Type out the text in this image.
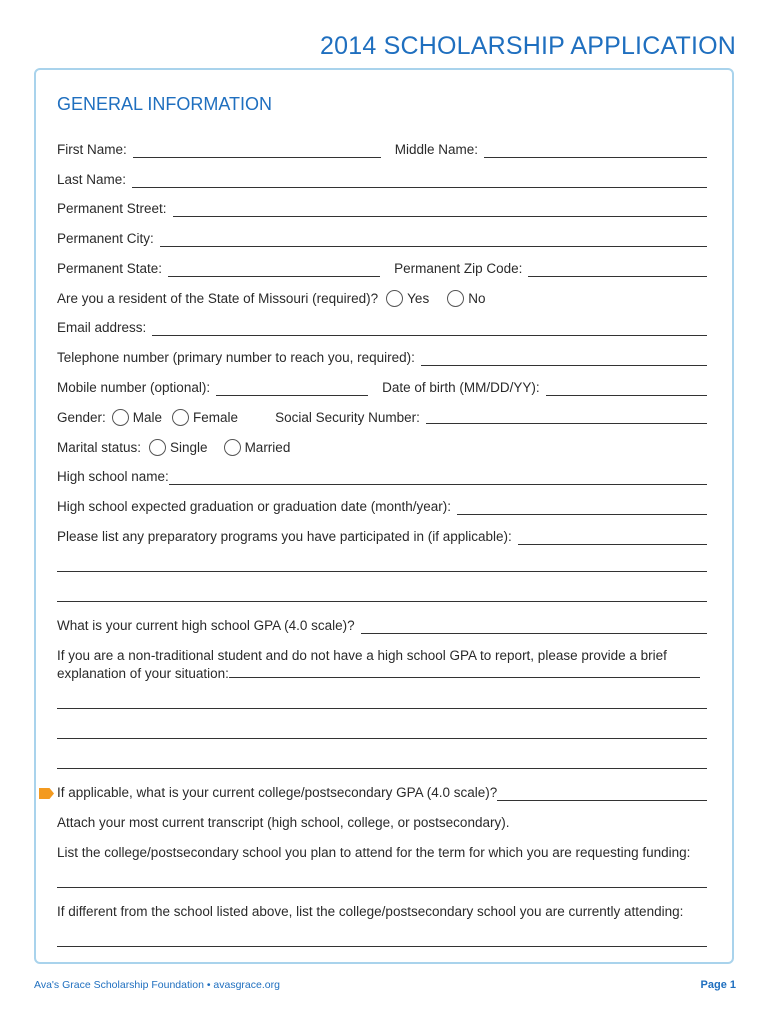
2014 SCHOLARSHIP APPLICATION
GENERAL INFORMATION
First Name:	Middle Name:
Last Name:
Permanent Street:
Permanent City:
Permanent State:	Permanent Zip Code:
Are you a resident of the State of Missouri (required)? Yes	No
Email address:
Telephone number (primary number to reach you, required):
Mobile number (optional):	Date of birth (MM/DD/YY):
Gender: Male Female	Social Security Number:
Marital status: Single	Married
High school name:
High school expected graduation or graduation date (month/year):
Please list any preparatory programs you have participated in (if applicable):
What is your current high school GPA (4.0 scale)?
If you are a non-traditional student and do not have a high school GPA to report, please provide a brief
explanation of your situation:
If applicable, what is your current college/postsecondary GPA (4.0 scale)?
Attach your most current transcript (high school, college, or postsecondary).
List the college/postsecondary school you plan to attend for the term for which you are requesting funding:
If different from the school listed above, list the college/postsecondary school you are currently attending:
Ava's Grace Scholarship Foundation • avasgrace.org	Page 1
